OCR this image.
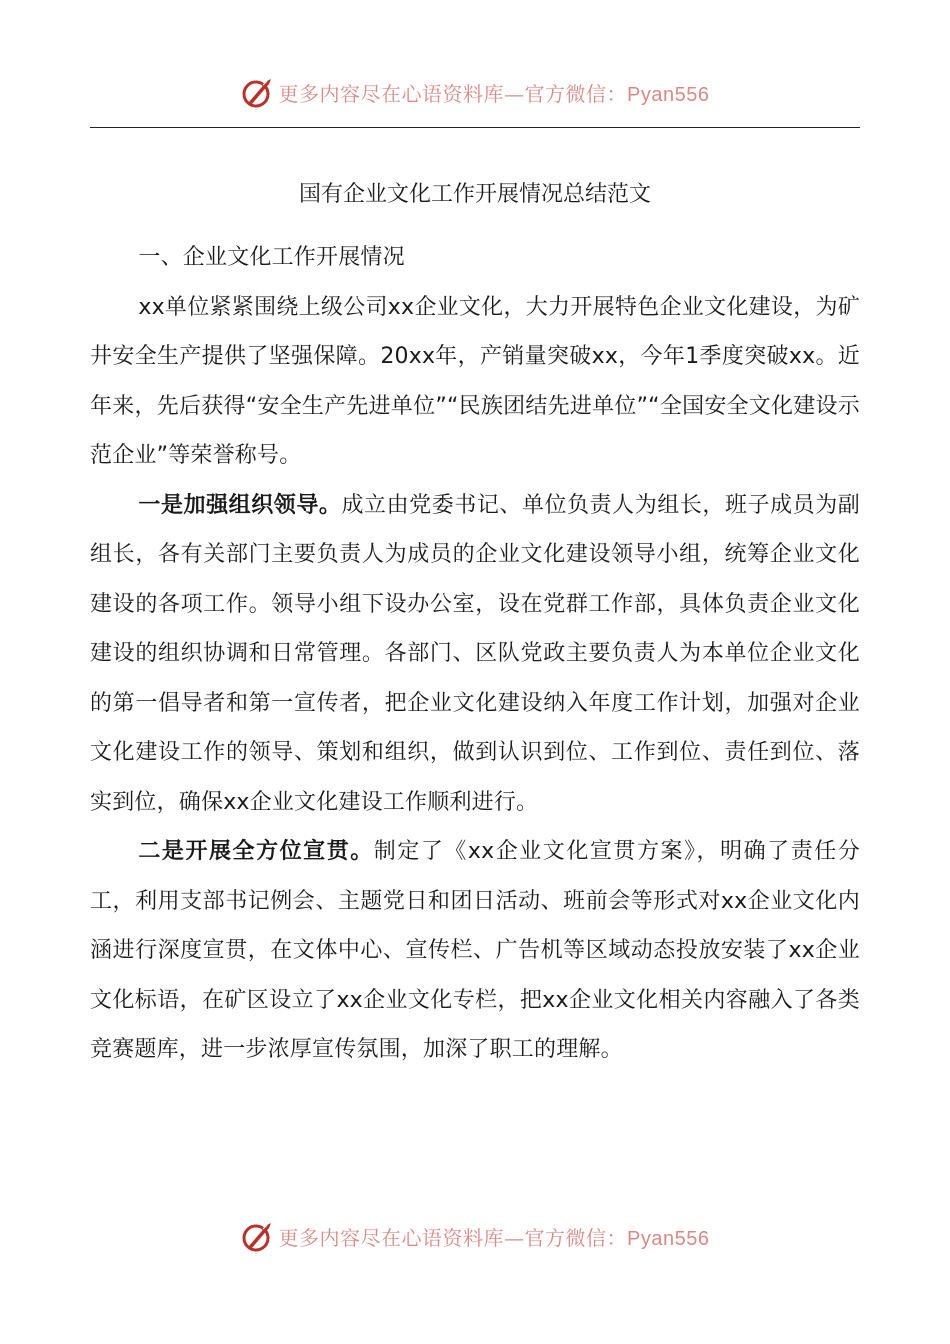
更多内容尽在心语资料库—官方微信：Pyan556
国有企业文化工作开展情况总结范文

一、企业文化工作开展情况

xx单位紧紧围绕上级公司xx企业文化，大力开展特色企业文化建设，为矿井安全生产提供了坚强保障。20xx年，产销量突破xx，今年1季度突破xx。近年来，先后获得“安全生产先进单位”“民族团结先进单位”“全国安全文化建设示范企业”等荣誉称号。

一是加强组织领导。成立由党委书记、单位负责人为组长，班子成员为副组长，各有关部门主要负责人为成员的企业文化建设领导小组，统筹企业文化建设的各项工作。领导小组下设办公室，设在党群工作部，具体负责企业文化建设的组织协调和日常管理。各部门、区队党政主要负责人为本单位企业文化的第一倡导者和第一宣传者，把企业文化建设纳入年度工作计划，加强对企业文化建设工作的领导、策划和组织，做到认识到位、工作到位、责任到位、落实到位，确保xx企业文化建设工作顺利进行。

二是开展全方位宣贯。制定了《xx企业文化宣贯方案》，明确了责任分工，利用支部书记例会、主题党日和团日活动、班前会等形式对xx企业文化内涵进行深度宣贯，在文体中心、宣传栏、广告机等区域动态投放安装了xx企业文化标语，在矿区设立了xx企业文化专栏，把xx企业文化相关内容融入了各类竞赛题库，进一步浓厚宣传氛围，加深了职工的理解。

更多内容尽在心语资料库—官方微信：Pyan556
